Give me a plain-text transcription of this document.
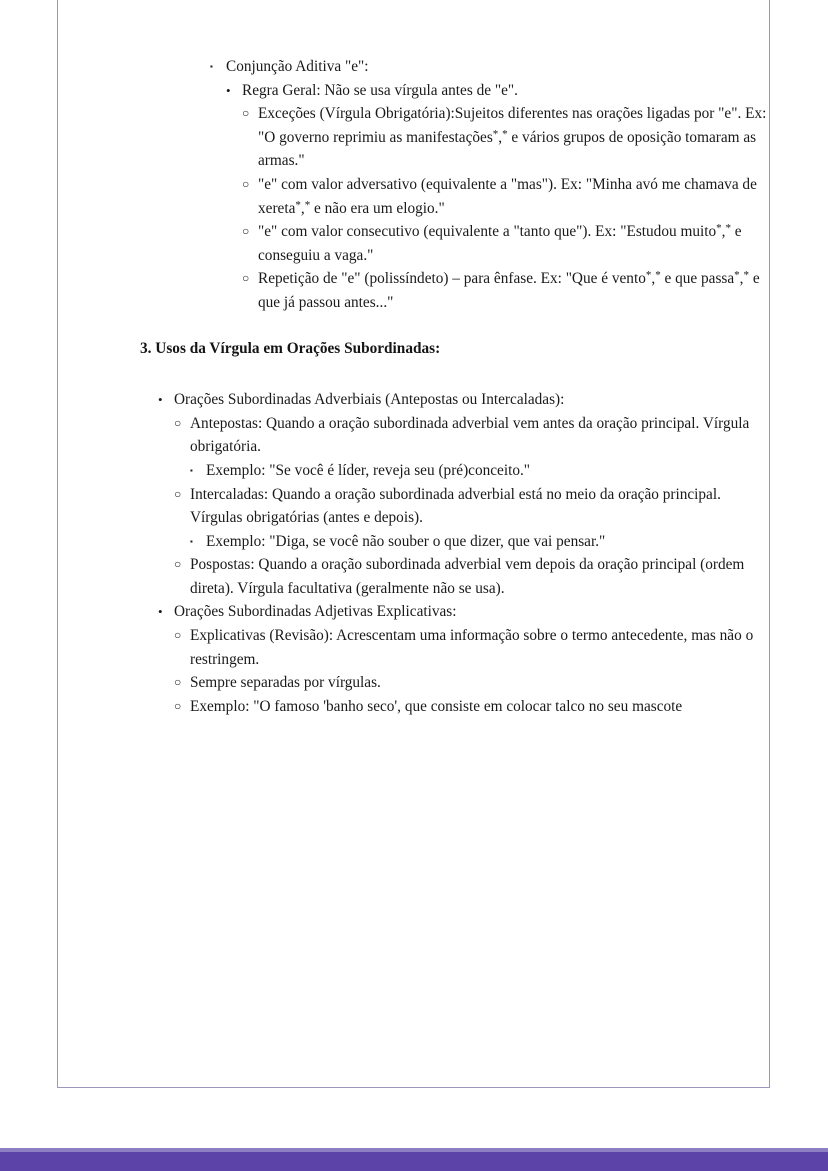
▪ Conjunção Aditiva "e":
• Regra Geral: Não se usa vírgula antes de "e".
○ Exceções (Vírgula Obrigatória):Sujeitos diferentes nas orações ligadas por "e". Ex: "O governo reprimiu as manifestações*,* e vários grupos de oposição tomaram as armas."
○ "e" com valor adversativo (equivalente a "mas"). Ex: "Minha avó me chamava de xereta*,* e não era um elogio."
○ "e" com valor consecutivo (equivalente a "tanto que"). Ex: "Estudou muito*,* e conseguiu a vaga."
○ Repetição de "e" (polissíndeto) – para ênfase. Ex: "Que é vento*,* e que passa*,* e que já passou antes..."
3. Usos da Vírgula em Orações Subordinadas:
• Orações Subordinadas Adverbiais (Antepostas ou Intercaladas):
○ Antepostas: Quando a oração subordinada adverbial vem antes da oração principal. Vírgula obrigatória.
▪ Exemplo: "Se você é líder, reveja seu (pré)conceito."
○ Intercaladas: Quando a oração subordinada adverbial está no meio da oração principal. Vírgulas obrigatórias (antes e depois).
▪ Exemplo: "Diga, se você não souber o que dizer, que vai pensar."
○ Pospostas: Quando a oração subordinada adverbial vem depois da oração principal (ordem direta). Vírgula facultativa (geralmente não se usa).
• Orações Subordinadas Adjetivas Explicativas:
○ Explicativas (Revisão): Acrescentam uma informação sobre o termo antecedente, mas não o restringem.
○ Sempre separadas por vírgulas.
○ Exemplo: "O famoso 'banho seco', que consiste em colocar talco no seu mascote
